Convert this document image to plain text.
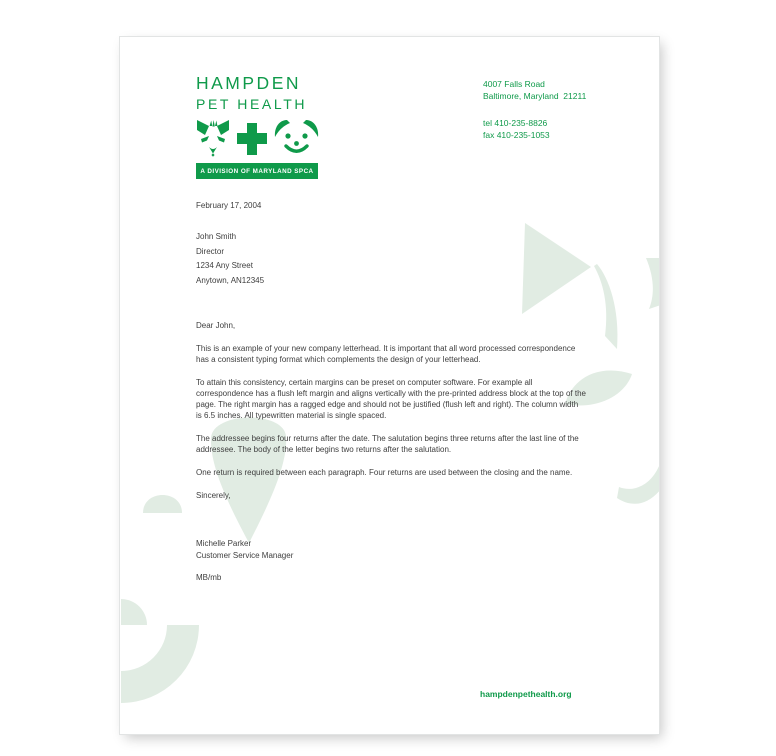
HAMPDEN
PET HEALTH
A DIVISION OF MARYLAND SPCA
4007 Falls Road
Baltimore, Maryland  21211
tel 410-235-8826
fax 410-235-1053
February 17, 2004
John Smith
Director
1234 Any Street
Anytown, AN12345

Dear John,

This is an example of your new company letterhead. It is important that all word processed correspondence has a consistent typing format which complements the design of your letterhead.

To attain this consistency, certain margins can be preset on computer software. For example all correspondence has a flush left margin and aligns vertically with the pre-printed address block at the top of the page. The right margin has a ragged edge and should not be justified (flush left and right). The column width is 6.5 inches. All typewritten material is single spaced.

The addressee begins four returns after the date. The salutation begins three returns after the last line of the addressee. The body of the letter begins two returns after the salutation.

One return is required between each paragraph. Four returns are used between the closing and the name.

Sincerely,

Michelle Parker
Customer Service Manager
MB/mb
hampdenpethealth.org
